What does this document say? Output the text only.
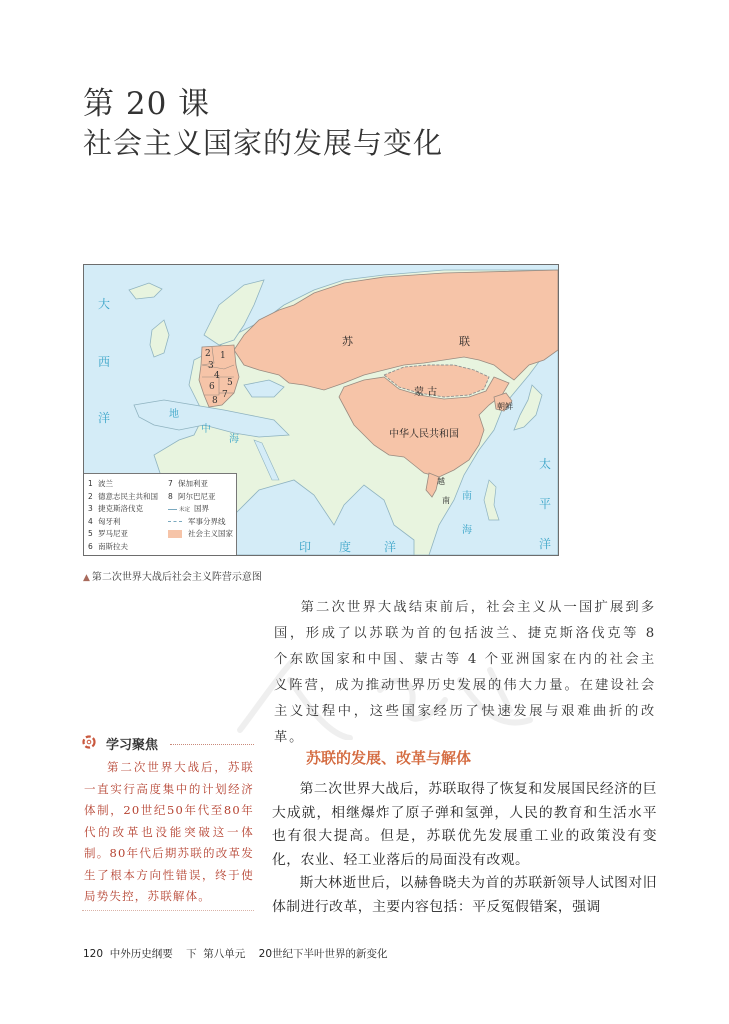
第 20 课
社会主义国家的发展与变化
大
西
洋	地
中
海
印 度	洋
南
海
太
平
洋
苏	联
蒙 古
中华人民共和国
朝鲜
越
南
1
2
3
4
5
6
7
8
1 波兰
2 德意志民主共和国
3 捷克斯洛伐克
4 匈牙利
5 罗马尼亚
6 南斯拉夫
7 保加利亚
8 阿尔巴尼亚
未定 国界
军事分界线
社会主义国家
▲ 第二次世界大战后社会主义阵营示意图
第二次世界大战结束前后，社会主义从一国扩展到多国，形成了以苏联为首的包括波兰、捷克斯洛伐克等 8 个东欧国家和中国、蒙古等 4 个亚洲国家在内的社会主义阵营，成为推动世界历史发展的伟大力量。在建设社会主义过程中，这些国家经历了快速发展与艰难曲折的改革。
学习聚焦
第二次世界大战后，苏联一直实行高度集中的计划经济体制，20世纪50年代至80年代的改革也没能突破这一体制。80年代后期苏联的改革发生了根本方向性错误，终于使局势失控，苏联解体。
苏联的发展、改革与解体

第二次世界大战后，苏联取得了恢复和发展国民经济的巨大成就，相继爆炸了原子弹和氢弹，人民的教育和生活水平也有很大提高。但是，苏联优先发展重工业的政策没有变化，农业、轻工业落后的局面没有改观。

斯大林逝世后，以赫鲁晓夫为首的苏联新领导人试图对旧体制进行改革，主要内容包括：平反冤假错案，强调

120 中外历史纲要 下 第八单元 20世纪下半叶世界的新变化
